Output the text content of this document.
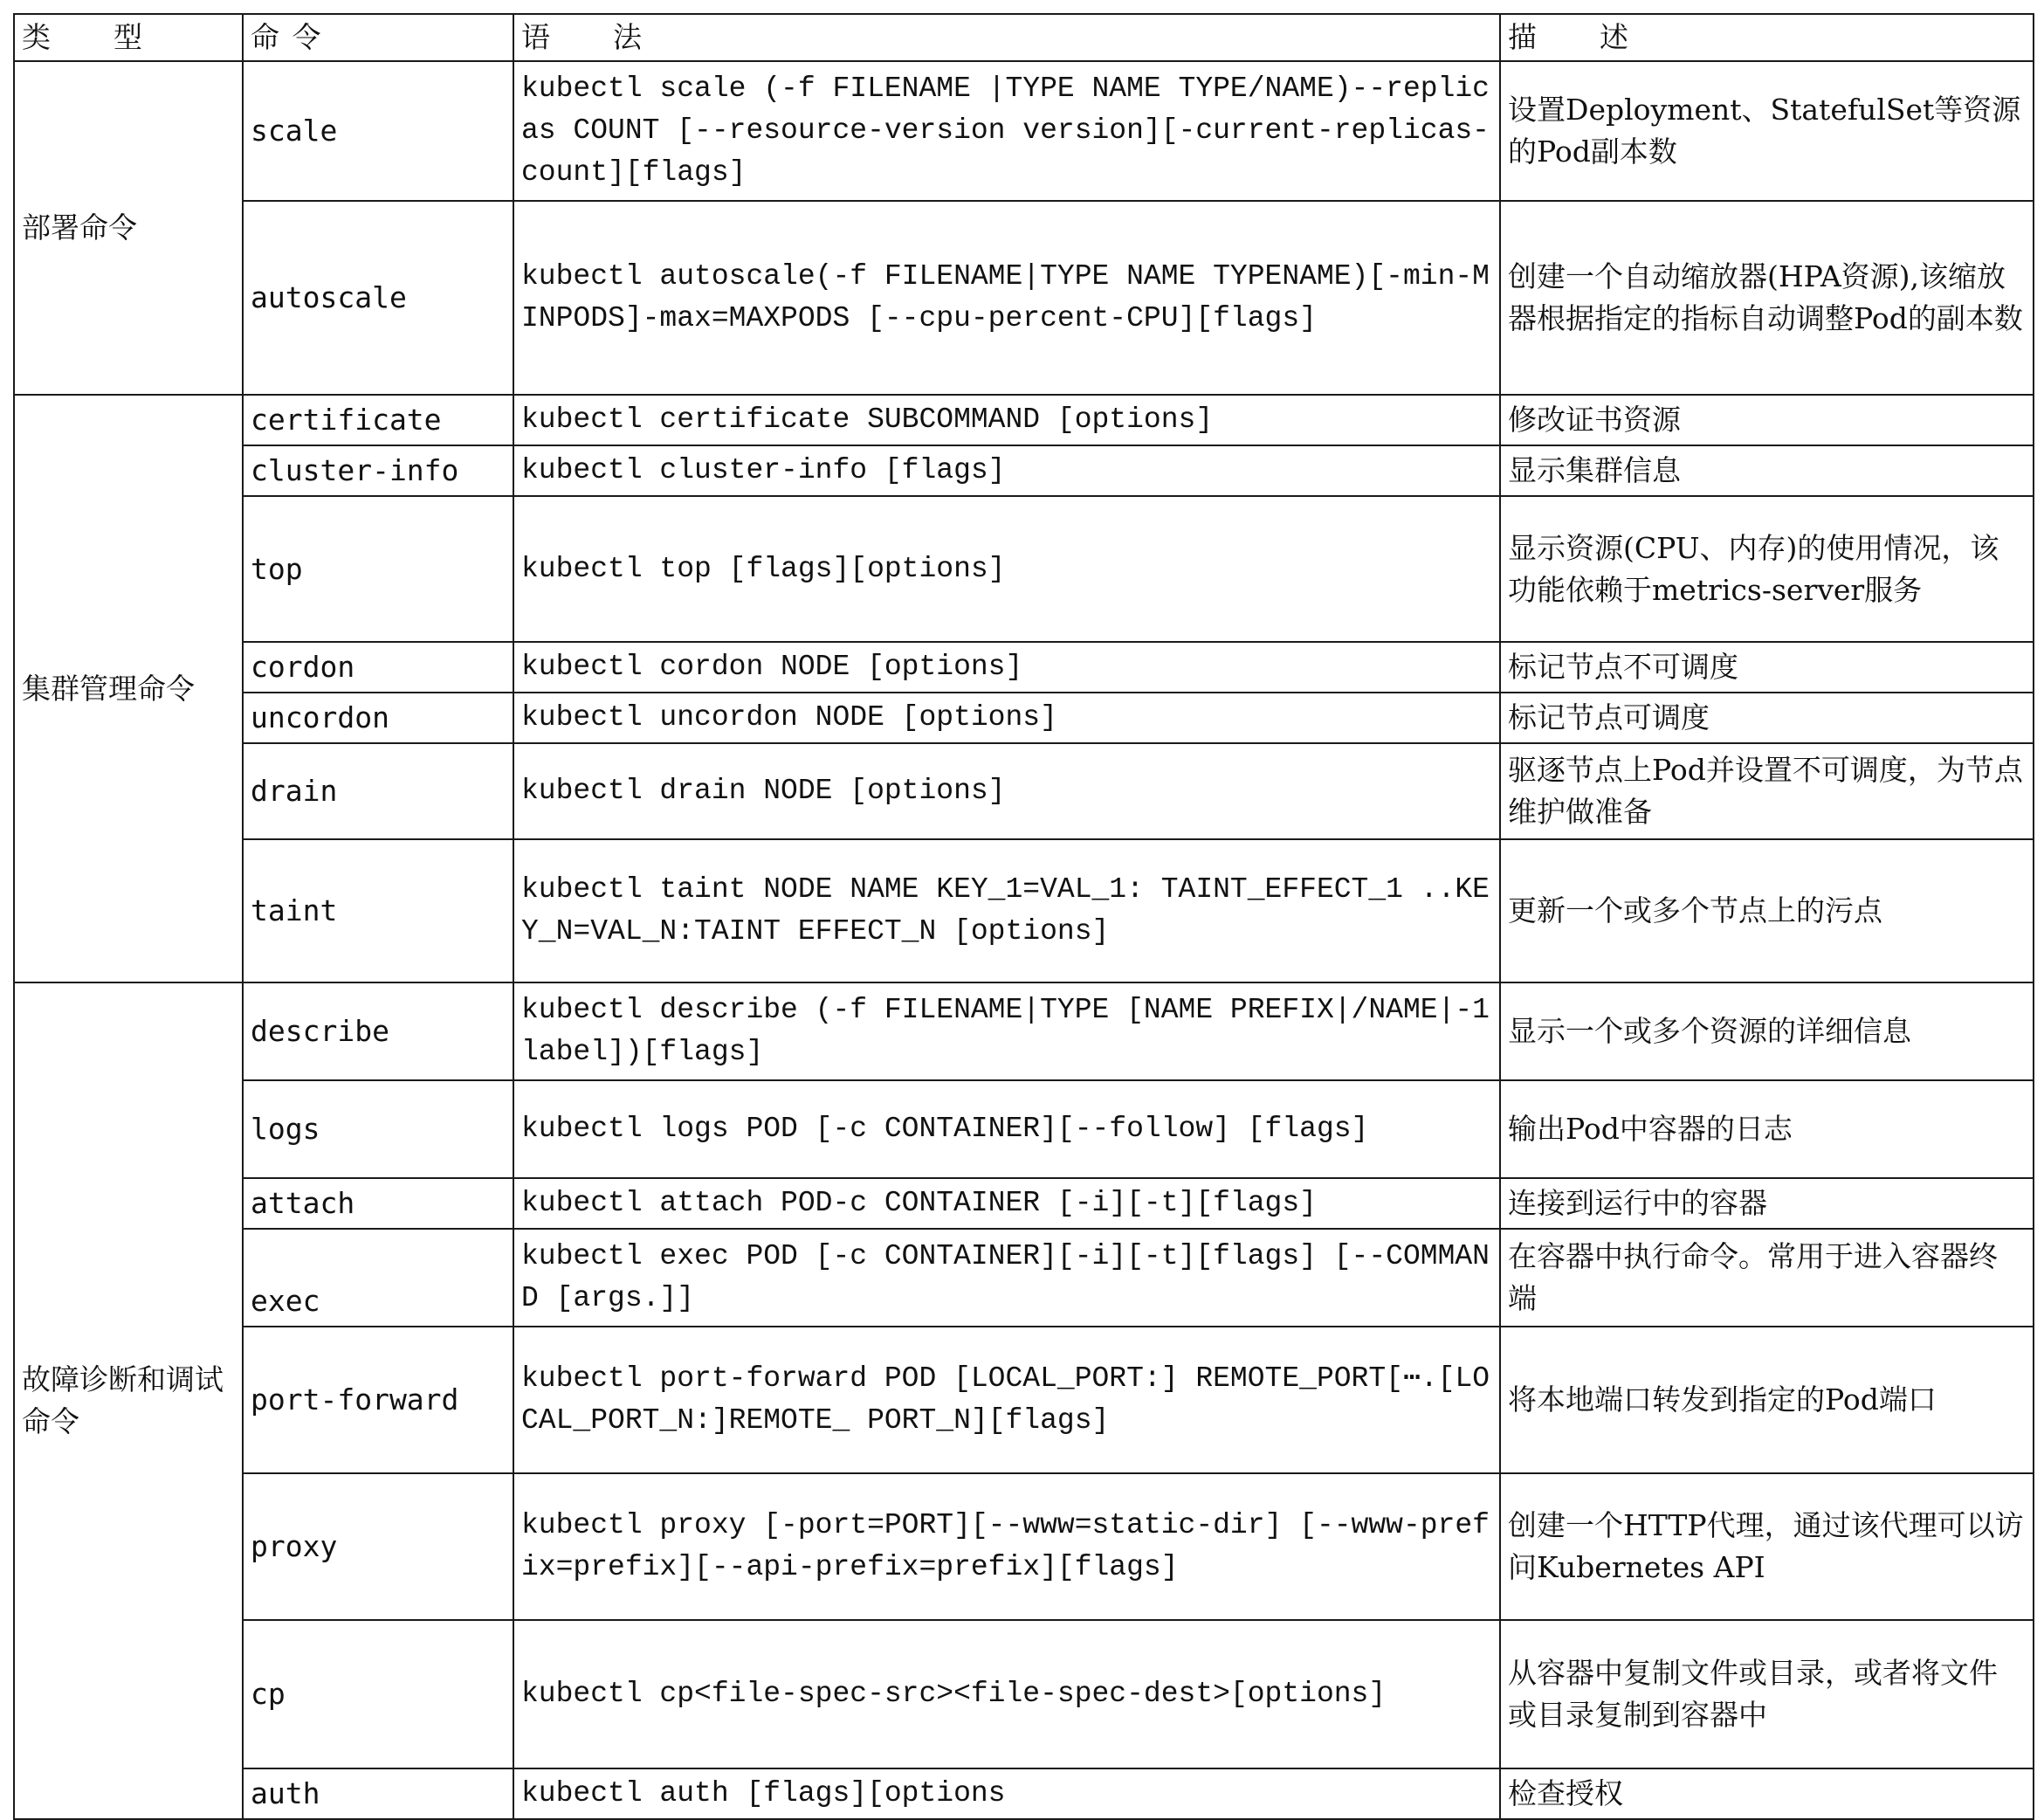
类　　型	命 令	语　　法	描　　述
部署命令	scale	kubectl scale (-f FILENAME |TYPE NAME TYPE/NAME)--replicas COUNT [--resource-version version][-current-replicas-count][flags]	设置Deployment、StatefulSet等资源的Pod副本数
	autoscale	kubectl autoscale(-f FILENAME|TYPE NAME TYPENAME)[-min-MINPODS]-max=MAXPODS [--cpu-percent-CPU][flags]	创建一个自动缩放器(HPA资源),该缩放器根据指定的指标自动调整Pod的副本数
集群管理命令	certificate	kubectl certificate SUBCOMMAND [options]	修改证书资源
	cluster-info	kubectl cluster-info [flags]	显示集群信息
	top	kubectl top [flags][options]	显示资源(CPU、内存)的使用情况，该功能依赖于metrics-server服务
	cordon	kubectl cordon NODE [options]	标记节点不可调度
	uncordon	kubectl uncordon NODE [options]	标记节点可调度
	drain	kubectl drain NODE [options]	驱逐节点上Pod并设置不可调度，为节点维护做准备
	taint	kubectl taint NODE NAME KEY_1=VAL_1: TAINT_EFFECT_1 ..KEY_N=VAL_N:TAINT EFFECT_N [options]	更新一个或多个节点上的污点
故障诊断和调试命令	describe	kubectl describe (-f FILENAME|TYPE [NAME PREFIX|/NAME|-1 label])[flags]	显示一个或多个资源的详细信息
	logs	kubectl logs POD [-c CONTAINER][--follow] [flags]	输出Pod中容器的日志
	attach	kubectl attach POD-c CONTAINER [-i][-t][flags]	连接到运行中的容器
	exec	kubectl exec POD [-c CONTAINER][-i][-t][flags] [--COMMAND [args.]]	在容器中执行命令。常用于进入容器终端
	port-forward	kubectl port-forward POD [LOCAL_PORT:] REMOTE_PORT[⋯.[LOCAL_PORT_N:]REMOTE_ PORT_N][flags]	将本地端口转发到指定的Pod端口
	proxy	kubectl proxy [-port=PORT][--www=static-dir] [--www-prefix=prefix][--api-prefix=prefix][flags]	创建一个HTTP代理，通过该代理可以访问Kubernetes API
	cp	kubectl cp<file-spec-src><file-spec-dest>[options]	从容器中复制文件或目录，或者将文件或目录复制到容器中
	auth	kubectl auth [flags][options	检查授权
